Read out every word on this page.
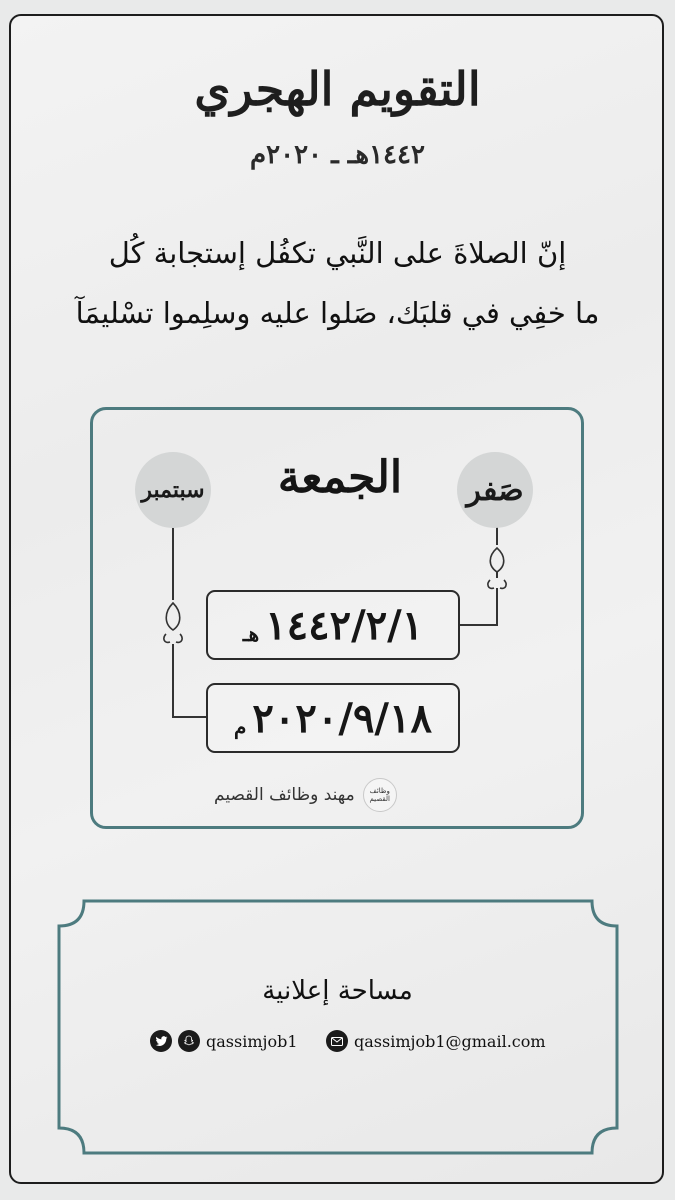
التقويم الهجري
١٤٤٢هـ ـ ٢٠٢٠م
إنّ الصلاةَ على النَّبي تكفُل إستجابة كُل
ما خفِي في قلبَك، صَلوا عليه وسلِموا تسْليمَآ
سبتمبر	صَفر
الجمعة
١٤٤٢/٢/١
هـ
٢٠٢٠/٩/١٨
م
وظائف القصيم
مهند وظائف القصيم
مساحة إعلانية
qassimjob1	qassimjob1@gmail.com
